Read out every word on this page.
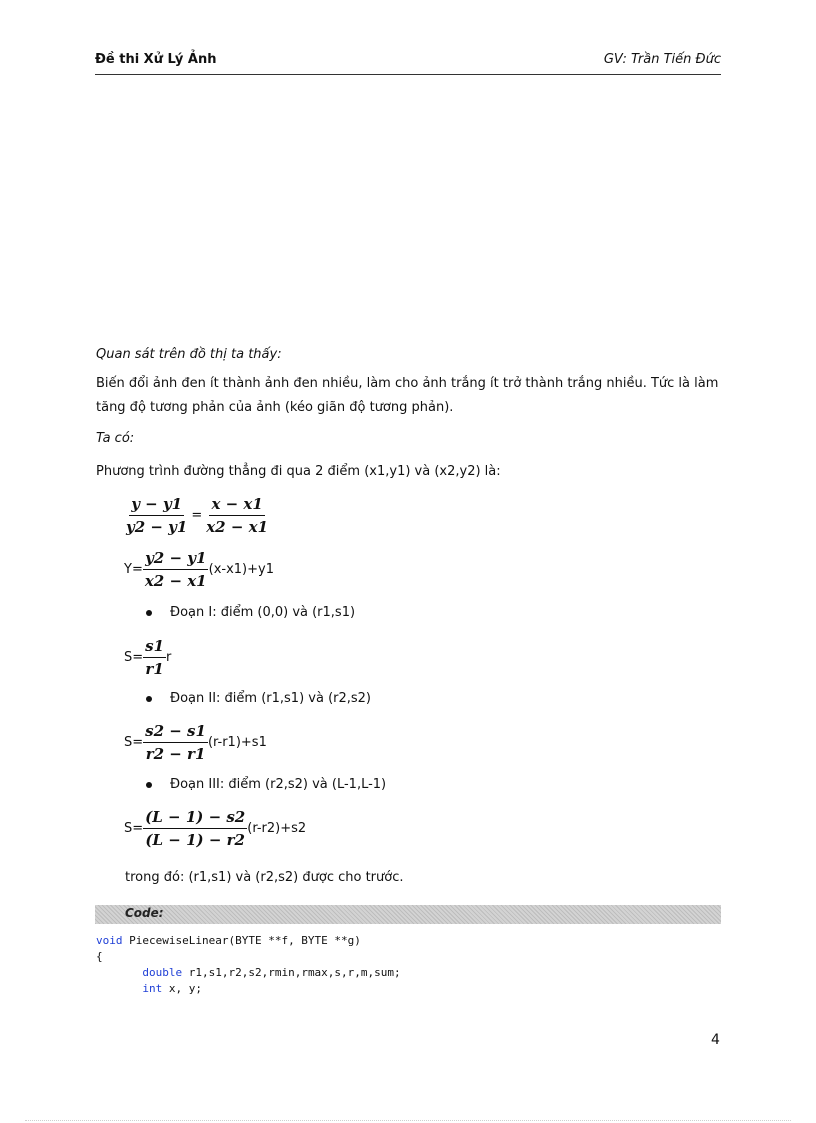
Đề thi Xử Lý Ảnh	GV: Trần Tiến Đức
Quan sát trên đồ thị ta thấy:
Biến đổi ảnh đen ít thành ảnh đen nhiều, làm cho ảnh trắng ít trở thành trắng nhiều. Tức là làm
tăng độ tương phản của ảnh (kéo giãn độ tương phản).
Ta có:
Phương trình đường thẳng đi qua 2 điểm (x1,y1) và (x2,y2) là:
$\frac{y - y1}{y2 - y1} = \frac{x - x1}{x2 - x1}$
$Y= \frac{y2 - y1}{x2 - x1} (x-x1)+y1$
Đoạn I: điểm (0,0) và (r1,s1)
$S= \frac{s1}{r1}$ r
Đoạn II: điểm (r1,s1) và (r2,s2)
$S= \frac{s2 - s1}{r2 - r1} (r-r1)+s1$
Đoạn III: điểm (r2,s2) và (L-1,L-1)
$S= \frac{(L - 1) - s2}{(L - 1) - r2} (r-r2)+s2$
trong đó: (r1,s1) và (r2,s2) được cho trước.
Code:
void PiecewiseLinear(BYTE **f, BYTE **g)
{
double r1,s1,r2,s2,rmin,rmax,s,r,m,sum;
int x, y;
4
